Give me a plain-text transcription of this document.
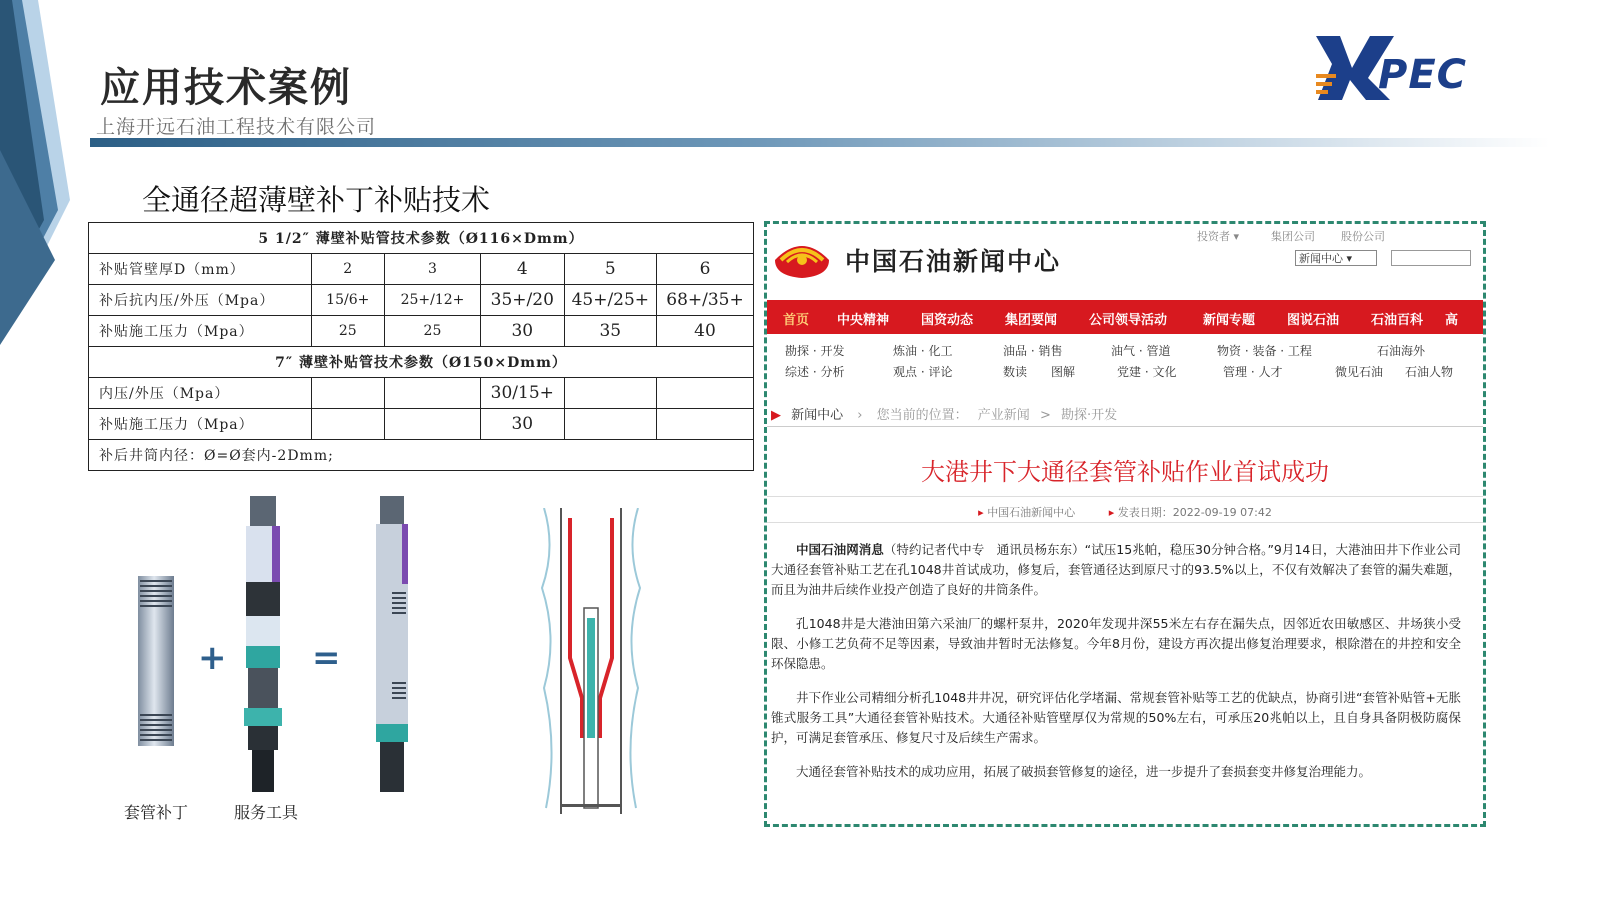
应用技术案例
上海开远石油工程技术有限公司
PEC
全通径超薄壁补丁补贴技术
5 1/2″ 薄壁补贴管技术参数（Ø116×Dmm）					
补贴管壁厚D（mm）	2	3	4	5	6
补后抗内压/外压（Mpa）	15/6+	25+/12+	35+/20	45+/25+	68+/35+
补贴施工压力（Mpa）	25	25	30	35	40
7″ 薄壁补贴管技术参数（Ø150×Dmm）					
内压/外压（Mpa）			30/15+		
补贴施工压力（Mpa）			30		
补后井筒内径：Ø=Ø套内-2Dmm;					
+	=
套管补丁	服务工具
投资者 ▾	集团公司 股份公司
中国石油新闻中心	新闻中心 ▾
首页 中央精神 国资动态 集团要闻 公司领导活动	新闻专题 图说石油 石油百科 高
勘探 · 开发	炼油 · 化工	油品 · 销售	油气 · 管道	物资 · 装备 · 工程	石油海外
综述 · 分析	观点 · 评论	数读 图解	党建 · 文化	管理 · 人才	微见石油 石油人物
▶ 新闻中心 › 您当前的位置： 产业新闻 > 勘探·开发
大港井下大通径套管补贴作业首试成功
▸ 中国石油新闻中心	▸ 发表日期：2022-09-19 07:42
中国石油网消息（特约记者代中专　通讯员杨东东）“试压15兆帕，稳压30分钟合格。”9月14日，大港油田井下作业公司大通径套管补贴工艺在孔1048井首试成功，修复后，套管通径达到原尺寸的93.5%以上，不仅有效解决了套管的漏失难题，而且为油井后续作业投产创造了良好的井筒条件。
孔1048井是大港油田第六采油厂的螺杆泵井，2020年发现井深55米左右存在漏失点，因邻近农田敏感区、井场狭小受限、小修工艺负荷不足等因素，导致油井暂时无法修复。今年8月份，建设方再次提出修复治理要求，根除潜在的井控和安全环保隐患。
井下作业公司精细分析孔1048井井况，研究评估化学堵漏、常规套管补贴等工艺的优缺点，协商引进“套管补贴管+无胀锥式服务工具”大通径套管补贴技术。大通径补贴管壁厚仅为常规的50%左右，可承压20兆帕以上，且自身具备阴极防腐保护，可满足套管承压、修复尺寸及后续生产需求。
大通径套管补贴技术的成功应用，拓展了破损套管修复的途径，进一步提升了套损套变井修复治理能力。
